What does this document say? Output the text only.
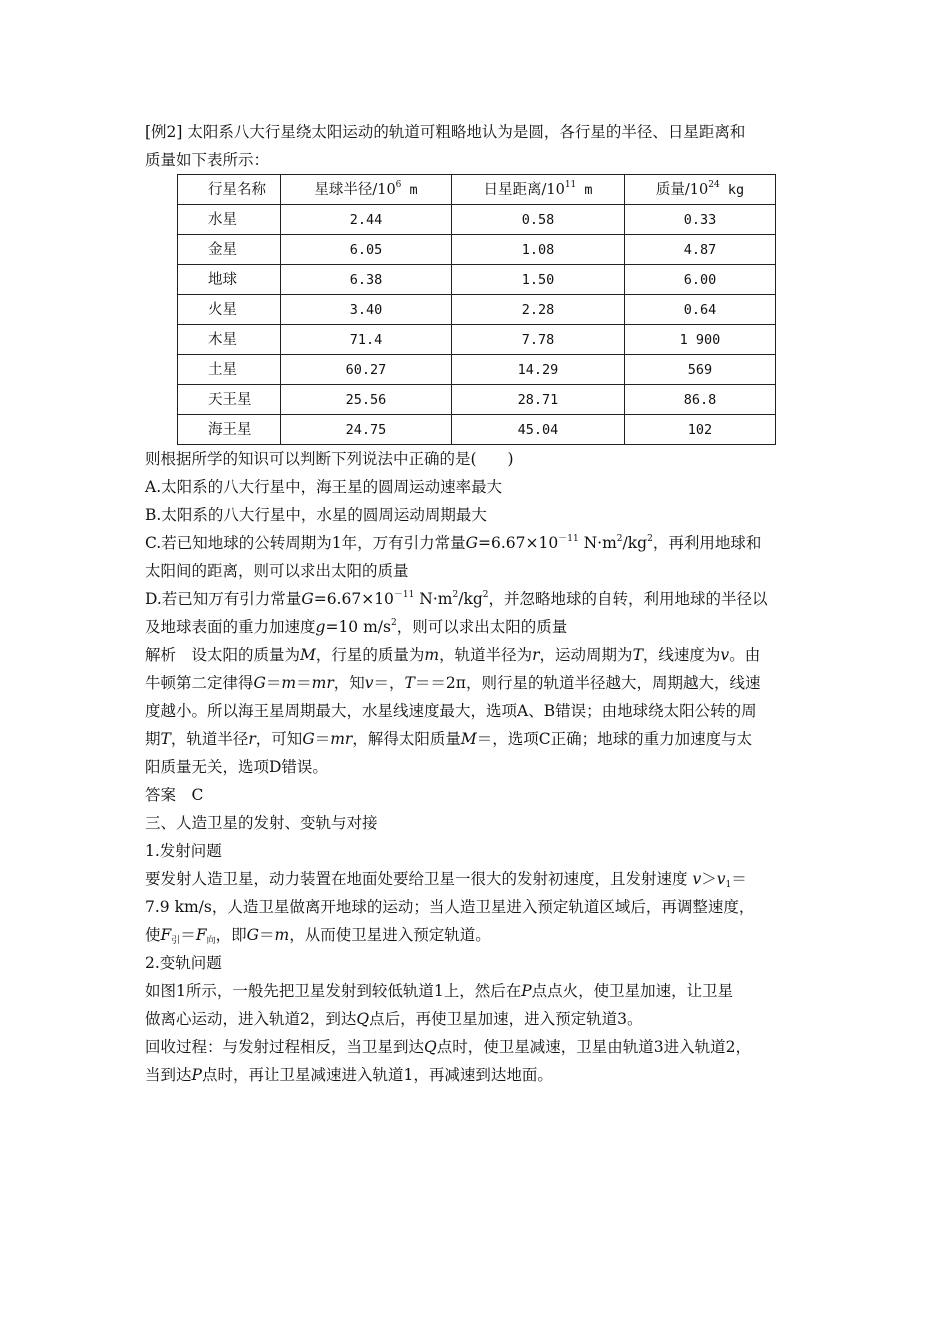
[例2] 太阳系八大行星绕太阳运动的轨道可粗略地认为是圆，各行星的半径、日星距离和
质量如下表所示：

行星名称	星球半径$/10^6$ m	日星距离$/10^{11}$ m	质量$/10^{24}$ kg
水星	2.44	0.58	0.33
金星	6.05	1.08	4.87
地球	6.38	1.50	6.00
火星	3.40	2.28	0.64
木星	71.4	7.78	1 900
土星	60.27	14.29	569
天王星	25.56	28.71	86.8
海王星	24.75	45.04	102

则根据所学的知识可以判断下列说法中正确的是(　　)

A.太阳系的八大行星中，海王星的圆周运动速率最大

B.太阳系的八大行星中，水星的圆周运动周期最大

C.若已知地球的公转周期为1年，万有引力常量$G=6.67\times 10^{-11}$ $N\cdot m^2/kg^2$，再利用地球和
太阳间的距离，则可以求出太阳的质量

D.若已知万有引力常量$G=6.67\times 10^{-11}$ $N\cdot m^2/kg^2$，并忽略地球的自转，利用地球的半径以
及地球表面的重力加速度g=10 $m/s^2$，则可以求出太阳的质量

解析　设太阳的质量为M，行星的质量为m，轨道半径为r，运动周期为T，线速度为v。由
牛顿第二定律得G＝m＝mr，知v＝，T＝＝2π，则行星的轨道半径越大，周期越大，线速
度越小。所以海王星周期最大，水星线速度最大，选项A、B错误；由地球绕太阳公转的周
期T，轨道半径r，可知G＝mr，解得太阳质量M＝，选项C正确；地球的重力加速度与太
阳质量无关，选项D错误。

答案　C

三、人造卫星的发射、变轨与对接

1.发射问题

要发射人造卫星，动力装置在地面处要给卫星一很大的发射初速度，且发射速度 $v>v_1=$
7.9 km/s，人造卫星做离开地球的运动；当人造卫星进入预定轨道区域后，再调整速度，
使$F_引=F_向$，即G＝m，从而使卫星进入预定轨道。

2.变轨问题

如图1所示，一般先把卫星发射到较低轨道1上，然后在P点点火，使卫星加速，让卫星
做离心运动，进入轨道2，到达Q点后，再使卫星加速，进入预定轨道3。

回收过程：与发射过程相反，当卫星到达Q点时，使卫星减速，卫星由轨道3进入轨道2，
当到达P点时，再让卫星减速进入轨道1，再减速到达地面。
